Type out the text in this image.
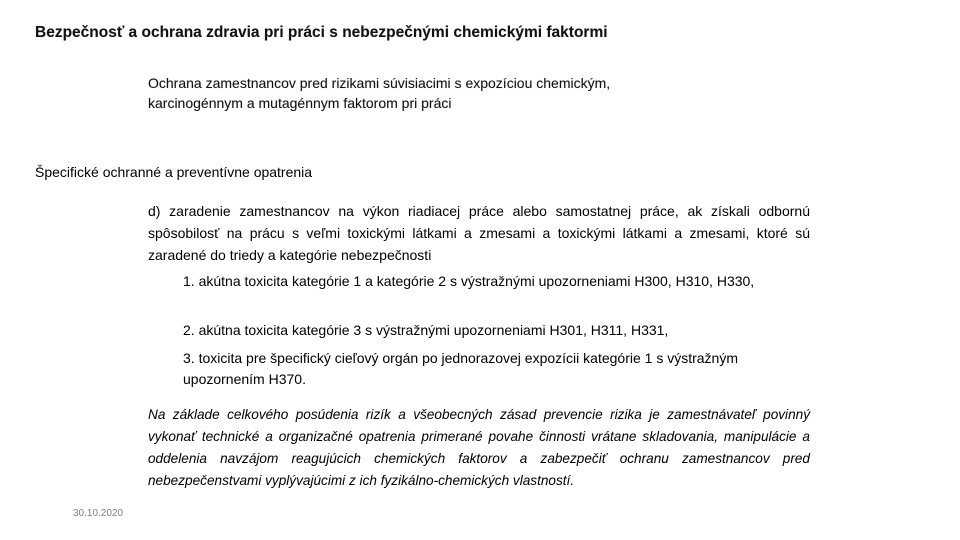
Bezpečnosť a ochrana zdravia pri práci s nebezpečnými chemickými faktormi
Ochrana zamestnancov pred rizikami súvisiacimi s expozíciou chemickým,
karcinogénnym a mutagénnym faktorom pri práci
Špecifické ochranné a preventívne opatrenia

d) zaradenie zamestnancov na výkon riadiacej práce alebo samostatnej práce, ak získali odbornú spôsobilosť na prácu s veľmi toxickými látkami a zmesami a toxickými látkami a zmesami, ktoré sú zaradené do triedy a kategórie nebezpečnosti

1. akútna toxicita kategórie 1 a kategórie 2 s výstražnými upozorneniami H300, H310, H330,
2. akútna toxicita kategórie 3 s výstražnými upozorneniami H301, H311, H331,
3. toxicita pre špecifický cieľový orgán po jednorazovej expozícii kategórie 1 s výstražným upozornením H370.

Na základe celkového posúdenia rizík a všeobecných zásad prevencie rizika je zamestnávateľ povinný vykonať technické a organizačné opatrenia primerané povahe činnosti vrátane skladovania, manipulácie a oddelenia navzájom reagujúcich chemických faktorov a zabezpečiť ochranu zamestnancov pred nebezpečenstvami vyplývajúcimi z ich fyzikálno-chemických vlastností.

30.10.2020
